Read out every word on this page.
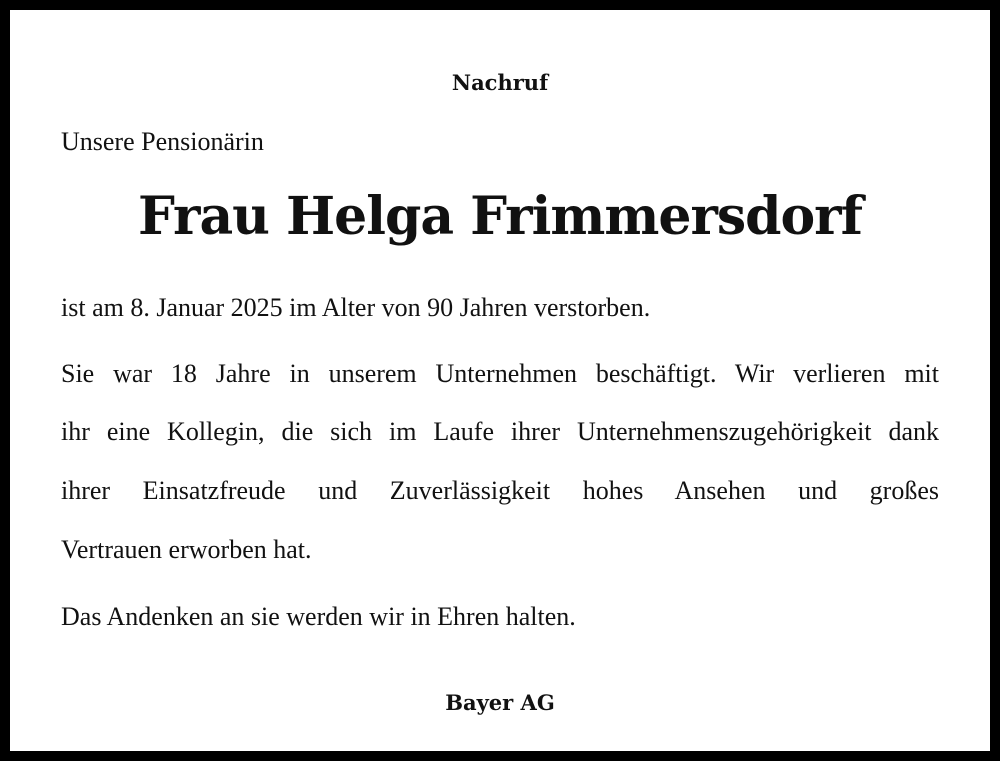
Nachruf
Unsere Pensionärin
Frau Helga Frimmersdorf
ist am 8. Januar 2025 im Alter von 90 Jahren verstorben.
Sie war 18 Jahre in unserem Unternehmen beschäftigt. Wir verlieren mit
ihr eine Kollegin, die sich im Laufe ihrer Unternehmenszugehörigkeit dank
ihrer Einsatzfreude und Zuverlässigkeit hohes Ansehen und großes
Vertrauen erworben hat.
Das Andenken an sie werden wir in Ehren halten.
Bayer AG
